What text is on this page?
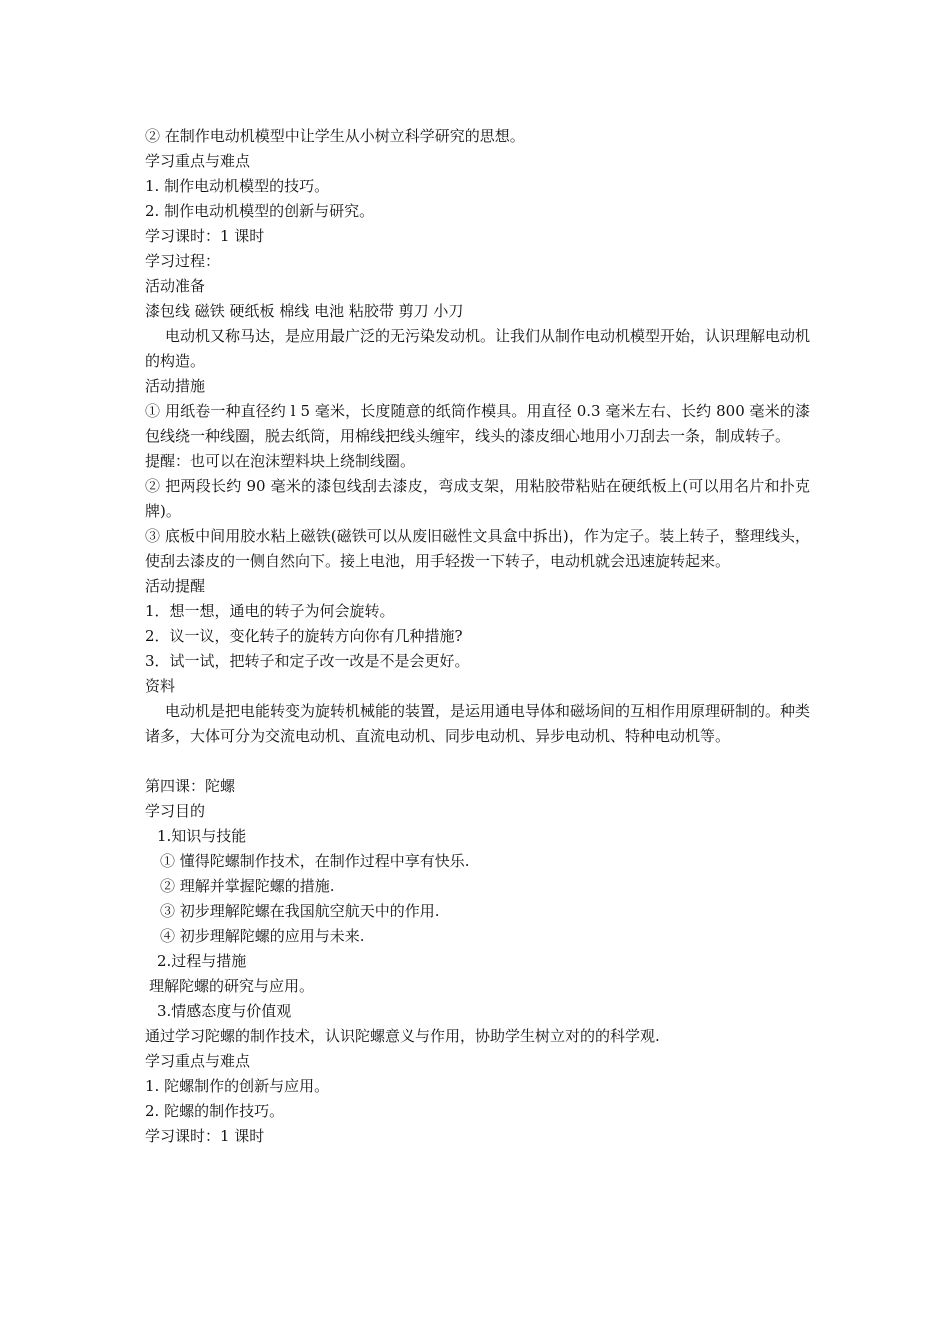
② 在制作电动机模型中让学生从小树立科学研究的思想。
学习重点与难点
1. 制作电动机模型的技巧。
2. 制作电动机模型的创新与研究。
学习课时：1 课时
学习过程：
活动准备
漆包线 磁铁 硬纸板 棉线 电池 粘胶带 剪刀 小刀
电动机又称马达，是应用最广泛的无污染发动机。让我们从制作电动机模型开始，认识理解电动机的构造。
活动措施
① 用纸卷一种直径约 l 5 毫米，长度随意的纸筒作模具。用直径 0.3 毫米左右、长约 800 毫米的漆包线绕一种线圈，脱去纸筒，用棉线把线头缠牢，线头的漆皮细心地用小刀刮去一条，制成转子。
提醒：也可以在泡沫塑料块上绕制线圈。
② 把两段长约 90 毫米的漆包线刮去漆皮，弯成支架，用粘胶带粘贴在硬纸板上(可以用名片和扑克牌)。
③ 底板中间用胶水粘上磁铁(磁铁可以从废旧磁性文具盒中拆出)，作为定子。装上转子，整理线头，使刮去漆皮的一侧自然向下。接上电池，用手轻拨一下转子，电动机就会迅速旋转起来。
活动提醒
1．想一想，通电的转子为何会旋转。
2．议一议，变化转子的旋转方向你有几种措施?
3．试一试，把转子和定子改一改是不是会更好。
资料
电动机是把电能转变为旋转机械能的装置，是运用通电导体和磁场间的互相作用原理研制的。种类诸多，大体可分为交流电动机、直流电动机、同步电动机、异步电动机、特种电动机等。
第四课：陀螺
学习目的
1.知识与技能
① 懂得陀螺制作技术，在制作过程中享有快乐.
② 理解并掌握陀螺的措施.
③ 初步理解陀螺在我国航空航天中的作用.
④ 初步理解陀螺的应用与未来.
2.过程与措施
理解陀螺的研究与应用。
3.情感态度与价值观
通过学习陀螺的制作技术，认识陀螺意义与作用，协助学生树立对的的科学观.
学习重点与难点
1. 陀螺制作的创新与应用。
2. 陀螺的制作技巧。
学习课时：1 课时
